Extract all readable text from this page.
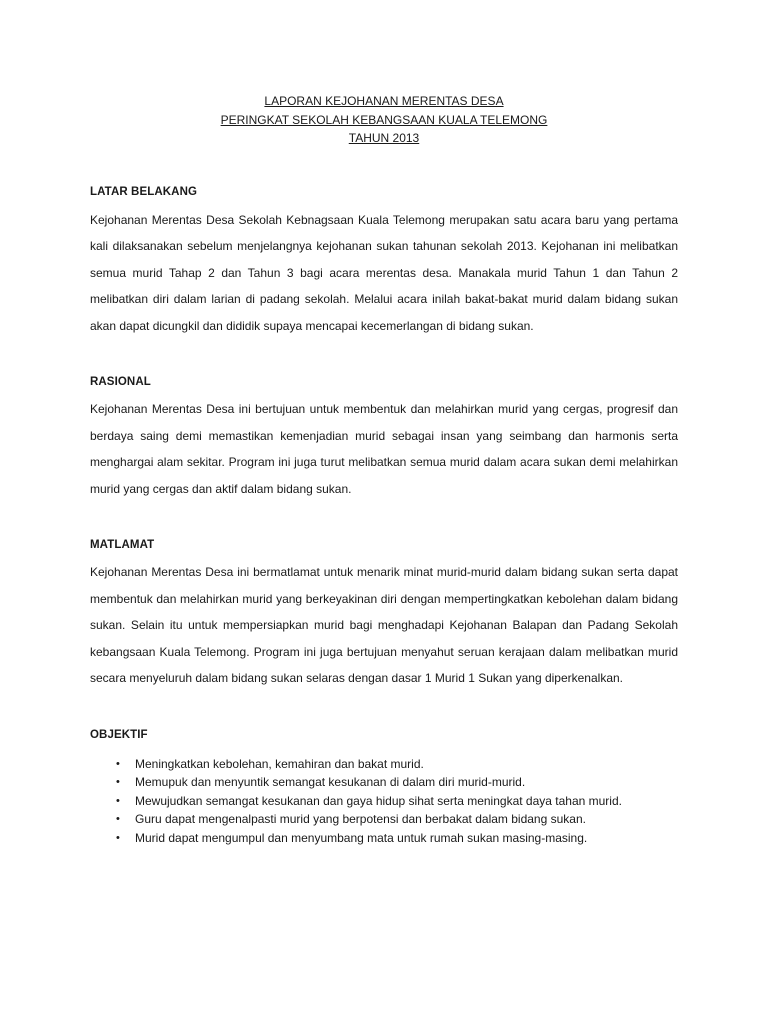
LAPORAN KEJOHANAN MERENTAS DESA
PERINGKAT SEKOLAH KEBANGSAAN KUALA TELEMONG
TAHUN 2013
LATAR BELAKANG

Kejohanan Merentas Desa Sekolah Kebnagsaan Kuala Telemong merupakan satu acara baru yang pertama kali dilaksanakan sebelum menjelangnya kejohanan sukan tahunan sekolah 2013. Kejohanan ini melibatkan semua murid Tahap 2 dan Tahun 3 bagi acara merentas desa. Manakala murid Tahun 1 dan Tahun 2 melibatkan diri dalam larian di padang sekolah. Melalui acara inilah bakat-bakat murid dalam bidang sukan akan dapat dicungkil dan dididik supaya mencapai kecemerlangan di bidang sukan.

RASIONAL

Kejohanan Merentas Desa ini bertujuan untuk membentuk dan melahirkan murid yang cergas, progresif dan berdaya saing demi memastikan kemenjadian murid sebagai insan yang seimbang dan harmonis serta menghargai alam sekitar. Program ini juga turut melibatkan semua murid dalam acara sukan demi melahirkan murid yang cergas dan aktif dalam bidang sukan.

MATLAMAT

Kejohanan Merentas Desa ini bermatlamat untuk menarik minat murid-murid dalam bidang sukan serta dapat membentuk dan melahirkan murid yang berkeyakinan diri dengan mempertingkatkan kebolehan dalam bidang sukan. Selain itu untuk mempersiapkan murid bagi menghadapi Kejohanan Balapan dan Padang Sekolah kebangsaan Kuala Telemong. Program ini juga bertujuan menyahut seruan kerajaan dalam melibatkan murid secara menyeluruh dalam bidang sukan selaras dengan dasar 1 Murid 1 Sukan yang diperkenalkan.

OBJEKTIF
• Meningkatkan kebolehan, kemahiran dan bakat murid.
• Memupuk dan menyuntik semangat kesukanan di dalam diri murid-murid.
• Mewujudkan semangat kesukanan dan gaya hidup sihat serta meningkat daya tahan murid.
• Guru dapat mengenalpasti murid yang berpotensi dan berbakat dalam bidang sukan.
• Murid dapat mengumpul dan menyumbang mata untuk rumah sukan masing-masing.
